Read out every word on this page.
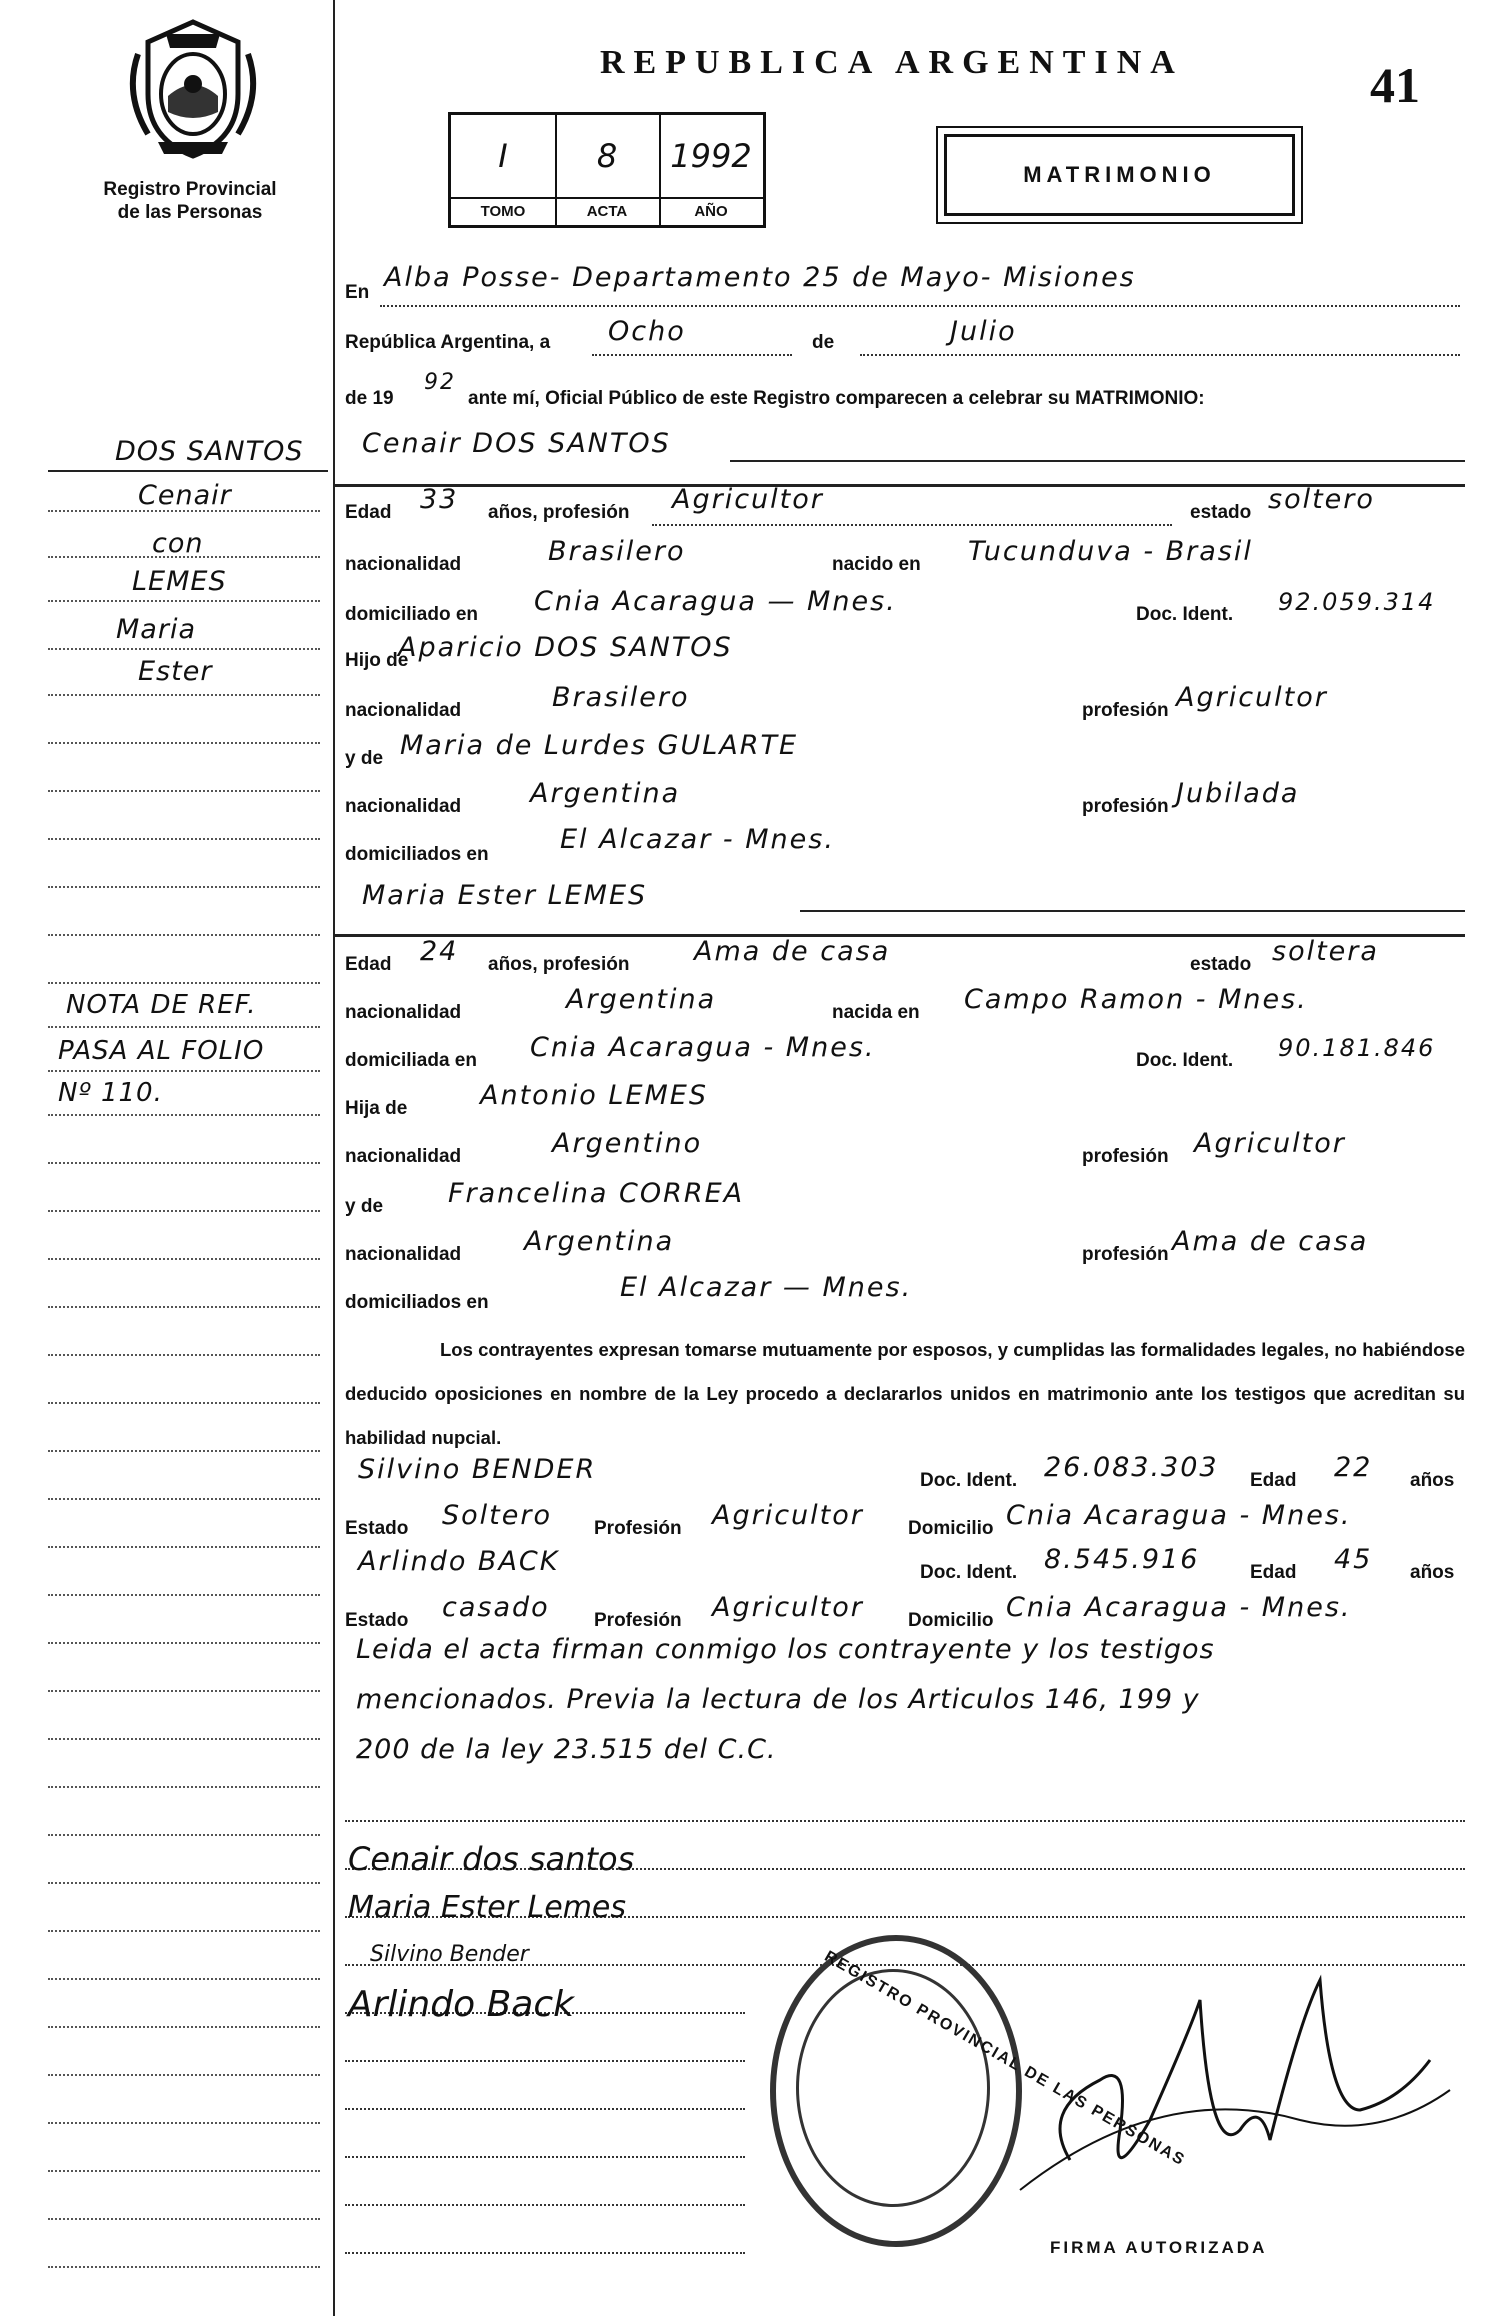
Registro Provincial
de las Personas
REPUBLICA ARGENTINA	41
I
TOMO
8
ACTA
1992
AÑO
MATRIMONIO
En Alba Posse- Departamento 25 de Mayo- Misiones
República Argentina, a Ocho	de	Julio
de 19
92
ante mí, Oficial Público de este Registro comparecen a celebrar su MATRIMONIO:
Cenair DOS SANTOS
Edad 33 años, profesión Agricultor	estado soltero
nacionalidad	Brasilero	nacido en Tucunduva - Brasil
domiciliado en Cnia Acaragua — Mnes.	Doc. Ident. 92.059.314
Hijo de
Aparicio DOS SANTOS
nacionalidad	Brasilero	profesión Agricultor
y de Maria de Lurdes GULARTE
nacionalidad	Argentina	profesión Jubilada
domiciliados en	El Alcazar - Mnes.
Maria Ester LEMES
Edad 24 años, profesión Ama de casa	estado soltera
nacionalidad	Argentina	nacida en Campo Ramon - Mnes.
domiciliada en Cnia Acaragua - Mnes.	Doc. Ident. 90.181.846
Hija de	Antonio LEMES
nacionalidad	Argentino	profesión Agricultor
y de Francelina CORREA
nacionalidad Argentina	profesión Ama de casa
domiciliados en	El Alcazar — Mnes.
Los contrayentes expresan tomarse mutuamente por esposos, y cumplidas las formalidades legales, no habiéndose deducido oposiciones en nombre de la Ley procedo a declararlos unidos en matrimonio ante los testigos que acreditan su habilidad nupcial.
Silvino BENDER	Doc. Ident. 26.083.303 Edad 22 años
Estado Soltero Profesión Agricultor Domicilio Cnia Acaragua - Mnes.
Arlindo BACK	Doc. Ident. 8.545.916	Edad 45 años
Estado casado Profesión Agricultor Domicilio Cnia Acaragua - Mnes.
Leida el acta firman conmigo los contrayente y los testigos
mencionados. Previa la lectura de los Articulos 146, 199 y
200 de la ley 23.515 del C.C.
Cenair dos santos
Maria Ester Lemes
Silvino Bender
Arlindo Back	REGISTRO PROVINCIAL DE LAS PERSONAS
FIRMA AUTORIZADA
DOS SANTOS
Cenair
con
LEMES
Maria
Ester
NOTA DE REF.
PASA AL FOLIO
Nº 110.
